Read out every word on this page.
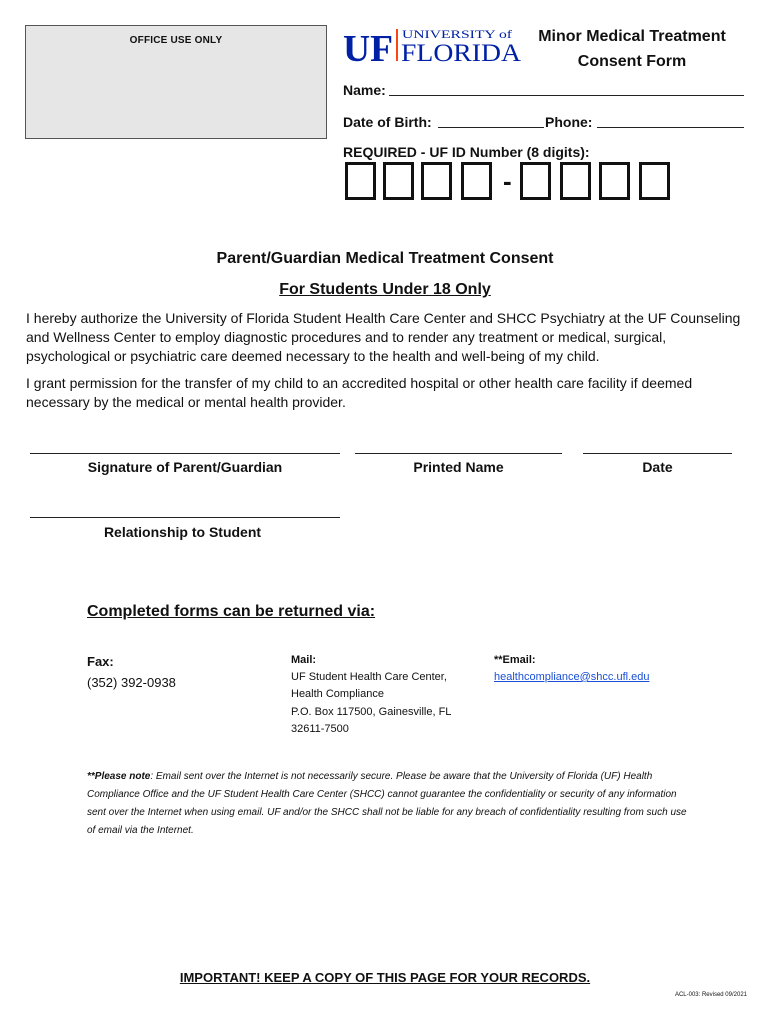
OFFICE USE ONLY	UF UNIVERSITY of
FLORIDA
Minor Medical Treatment
Consent Form
Name:
Date of Birth:	Phone:
REQUIRED - UF ID Number (8 digits):
-
Parent/Guardian Medical Treatment Consent
For Students Under 18 Only
I hereby authorize the University of Florida Student Health Care Center and SHCC Psychiatry at the UF Counseling and Wellness Center to employ diagnostic procedures and to render any treatment or medical, surgical, psychological or psychiatric care deemed necessary to the health and well-being of my child.
I grant permission for the transfer of my child to an accredited hospital or other health care facility if deemed necessary by the medical or mental health provider.
Signature of Parent/Guardian	Printed Name	Date
Relationship to Student
Completed forms can be returned via:
Fax:
(352) 392-0938
Mail:
UF Student Health Care Center,
Health Compliance
P.O. Box 117500, Gainesville, FL
32611-7500
**Email:
healthcompliance@shcc.ufl.edu
**Please note: Email sent over the Internet is not necessarily secure. Please be aware that the University of Florida (UF) Health Compliance Office and the UF Student Health Care Center (SHCC) cannot guarantee the confidentiality or security of any information sent over the Internet when using email. UF and/or the SHCC shall not be liable for any breach of confidentiality resulting from such use of email via the Internet.
IMPORTANT! KEEP A COPY OF THIS PAGE FOR YOUR RECORDS.
ACL-003: Revised 09/2021
